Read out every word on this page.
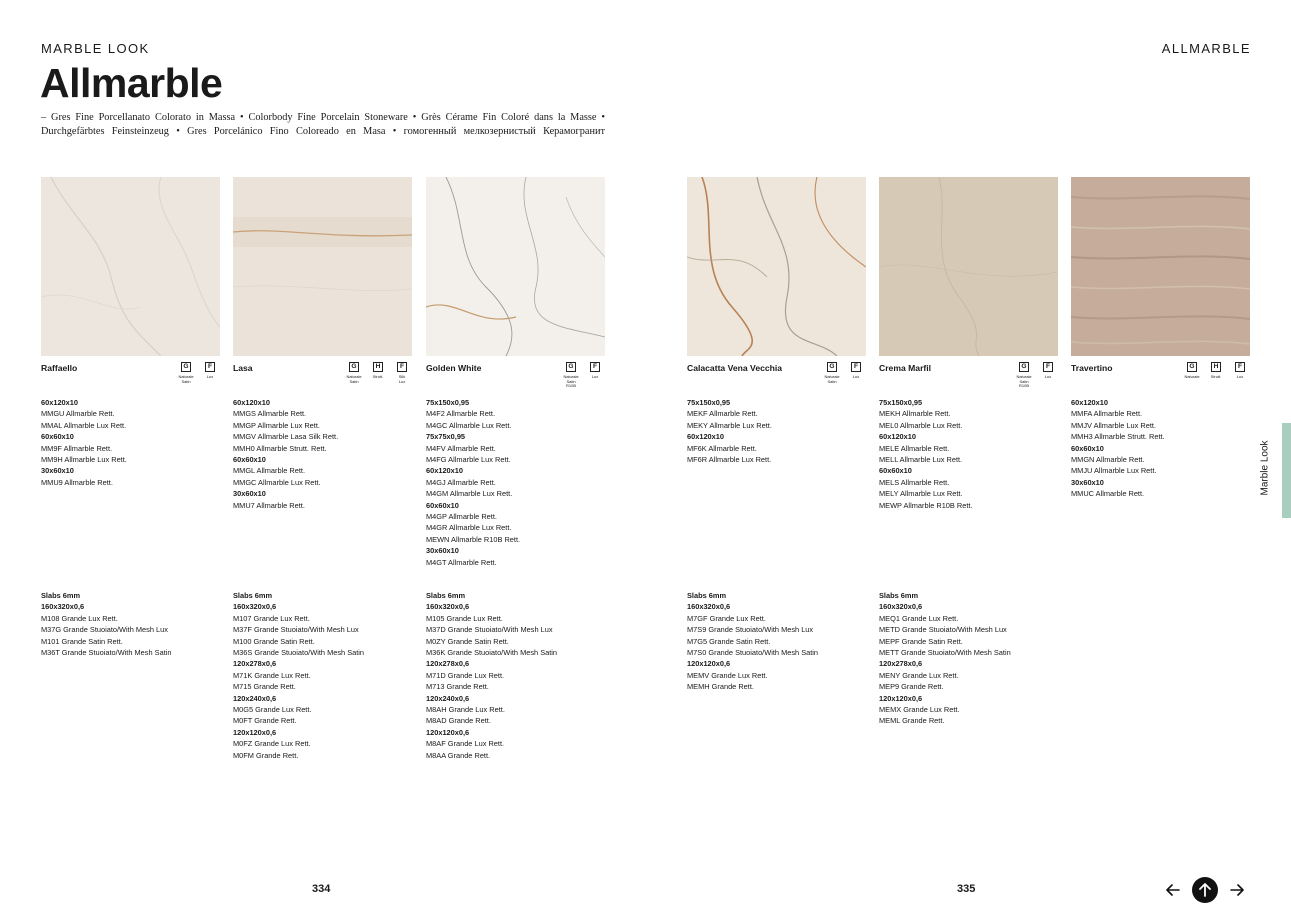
MARBLE LOOK
Allmarble
– Gres Fine Porcellanato Colorato in Massa • Colorbody Fine Porcelain Stoneware • Grès Cérame Fin Coloré dans la Masse •
Durchgefärbtes Feinsteinzeug • Gres Porcelánico Fino Coloreado en Masa • гомогенный мелкозернистый Керамогранит
ALLMARBLE
Raffaello	G
Naturale
Satin
F
Lux
Lasa	G
Naturale
Satin
H
Strutt.
F
Silk
Lux
Golden White	G
Naturale
Satin
R10B
F
Lux
Calacatta Vena Vecchia	G
Naturale
Satin
F
Lux
Crema Marfil	G
Naturale
Satin
R10B
F
Lux
Travertino	G
Naturale
H
Strutt.
F
Lux
60x120x10
MMGU Allmarble Rett.
MMAL Allmarble Lux Rett.
60x60x10
MM9F Allmarble Rett.
MM9H Allmarble Lux Rett.
30x60x10
MMU9 Allmarble Rett.
60x120x10
MMGS Allmarble Rett.
MMGP Allmarble Lux Rett.
MMGV Allmarble Lasa Silk Rett.
MMH0 Allmarble Strutt. Rett.
60x60x10
MMGL Allmarble Rett.
MMGC Allmarble Lux Rett.
30x60x10
MMU7 Allmarble Rett.
75x150x0,95
M4F2 Allmarble Rett.
M4GC Allmarble Lux Rett.
75x75x0,95
M4FV Allmarble Rett.
M4FG Allmarble Lux Rett.
60x120x10
M4GJ Allmarble Rett.
M4GM Allmarble Lux Rett.
60x60x10
M4GP Allmarble Rett.
M4GR Allmarble Lux Rett.
MEWN Allmarble R10B Rett.
30x60x10
M4GT Allmarble Rett.
75x150x0,95
MEKF Allmarble Rett.
MEKY Allmarble Lux Rett.
60x120x10
MF6K Allmarble Rett.
MF6R Allmarble Lux Rett.
75x150x0,95
MEKH Allmarble Rett.
MEL0 Allmarble Lux Rett.
60x120x10
MELE Allmarble Rett.
MELL Allmarble Lux Rett.
60x60x10
MELS Allmarble Rett.
MELY Allmarble Lux Rett.
MEWP Allmarble R10B Rett.
60x120x10
MMFA Allmarble Rett.
MMJV Allmarble Lux Rett.
MMH3 Allmarble Strutt. Rett.
60x60x10
MMGN Allmarble Rett.
MMJU Allmarble Lux Rett.
30x60x10
MMUC Allmarble Rett.
Slabs 6mm
160x320x0,6
M108 Grande Lux Rett.
M37G Grande Stuoiato/With Mesh Lux
M101 Grande Satin Rett.
M36T Grande Stuoiato/With Mesh Satin
Slabs 6mm
160x320x0,6
M107 Grande Lux Rett.
M37F Grande Stuoiato/With Mesh Lux
M100 Grande Satin Rett.
M36S Grande Stuoiato/With Mesh Satin
120x278x0,6
M71K Grande Lux Rett.
M715 Grande Rett.
120x240x0,6
M0G5 Grande Lux Rett.
M0FT Grande Rett.
120x120x0,6
M0FZ Grande Lux Rett.
M0FM Grande Rett.
Slabs 6mm
160x320x0,6
M105 Grande Lux Rett.
M37D Grande Stuoiato/With Mesh Lux
M0ZY Grande Satin Rett.
M36K Grande Stuoiato/With Mesh Satin
120x278x0,6
M71D Grande Lux Rett.
M713 Grande Rett.
120x240x0,6
M8AH Grande Lux Rett.
M8AD Grande Rett.
120x120x0,6
M8AF Grande Lux Rett.
M8AA Grande Rett.
Slabs 6mm
160x320x0,6
M7GF Grande Lux Rett.
M7S9 Grande Stuoiato/With Mesh Lux
M7G5 Grande Satin Rett.
M7S0 Grande Stuoiato/With Mesh Satin
120x120x0,6
MEMV Grande Lux Rett.
MEMH Grande Rett.
Slabs 6mm
160x320x0,6
MEQ1 Grande Lux Rett.
METD Grande Stuoiato/With Mesh Lux
MEPF Grande Satin Rett.
METT Grande Stuoiato/With Mesh Satin
120x278x0,6
MENY Grande Lux Rett.
MEP9 Grande Rett.
120x120x0,6
MEMX Grande Lux Rett.
MEML Grande Rett.
Marble Look
334	335
